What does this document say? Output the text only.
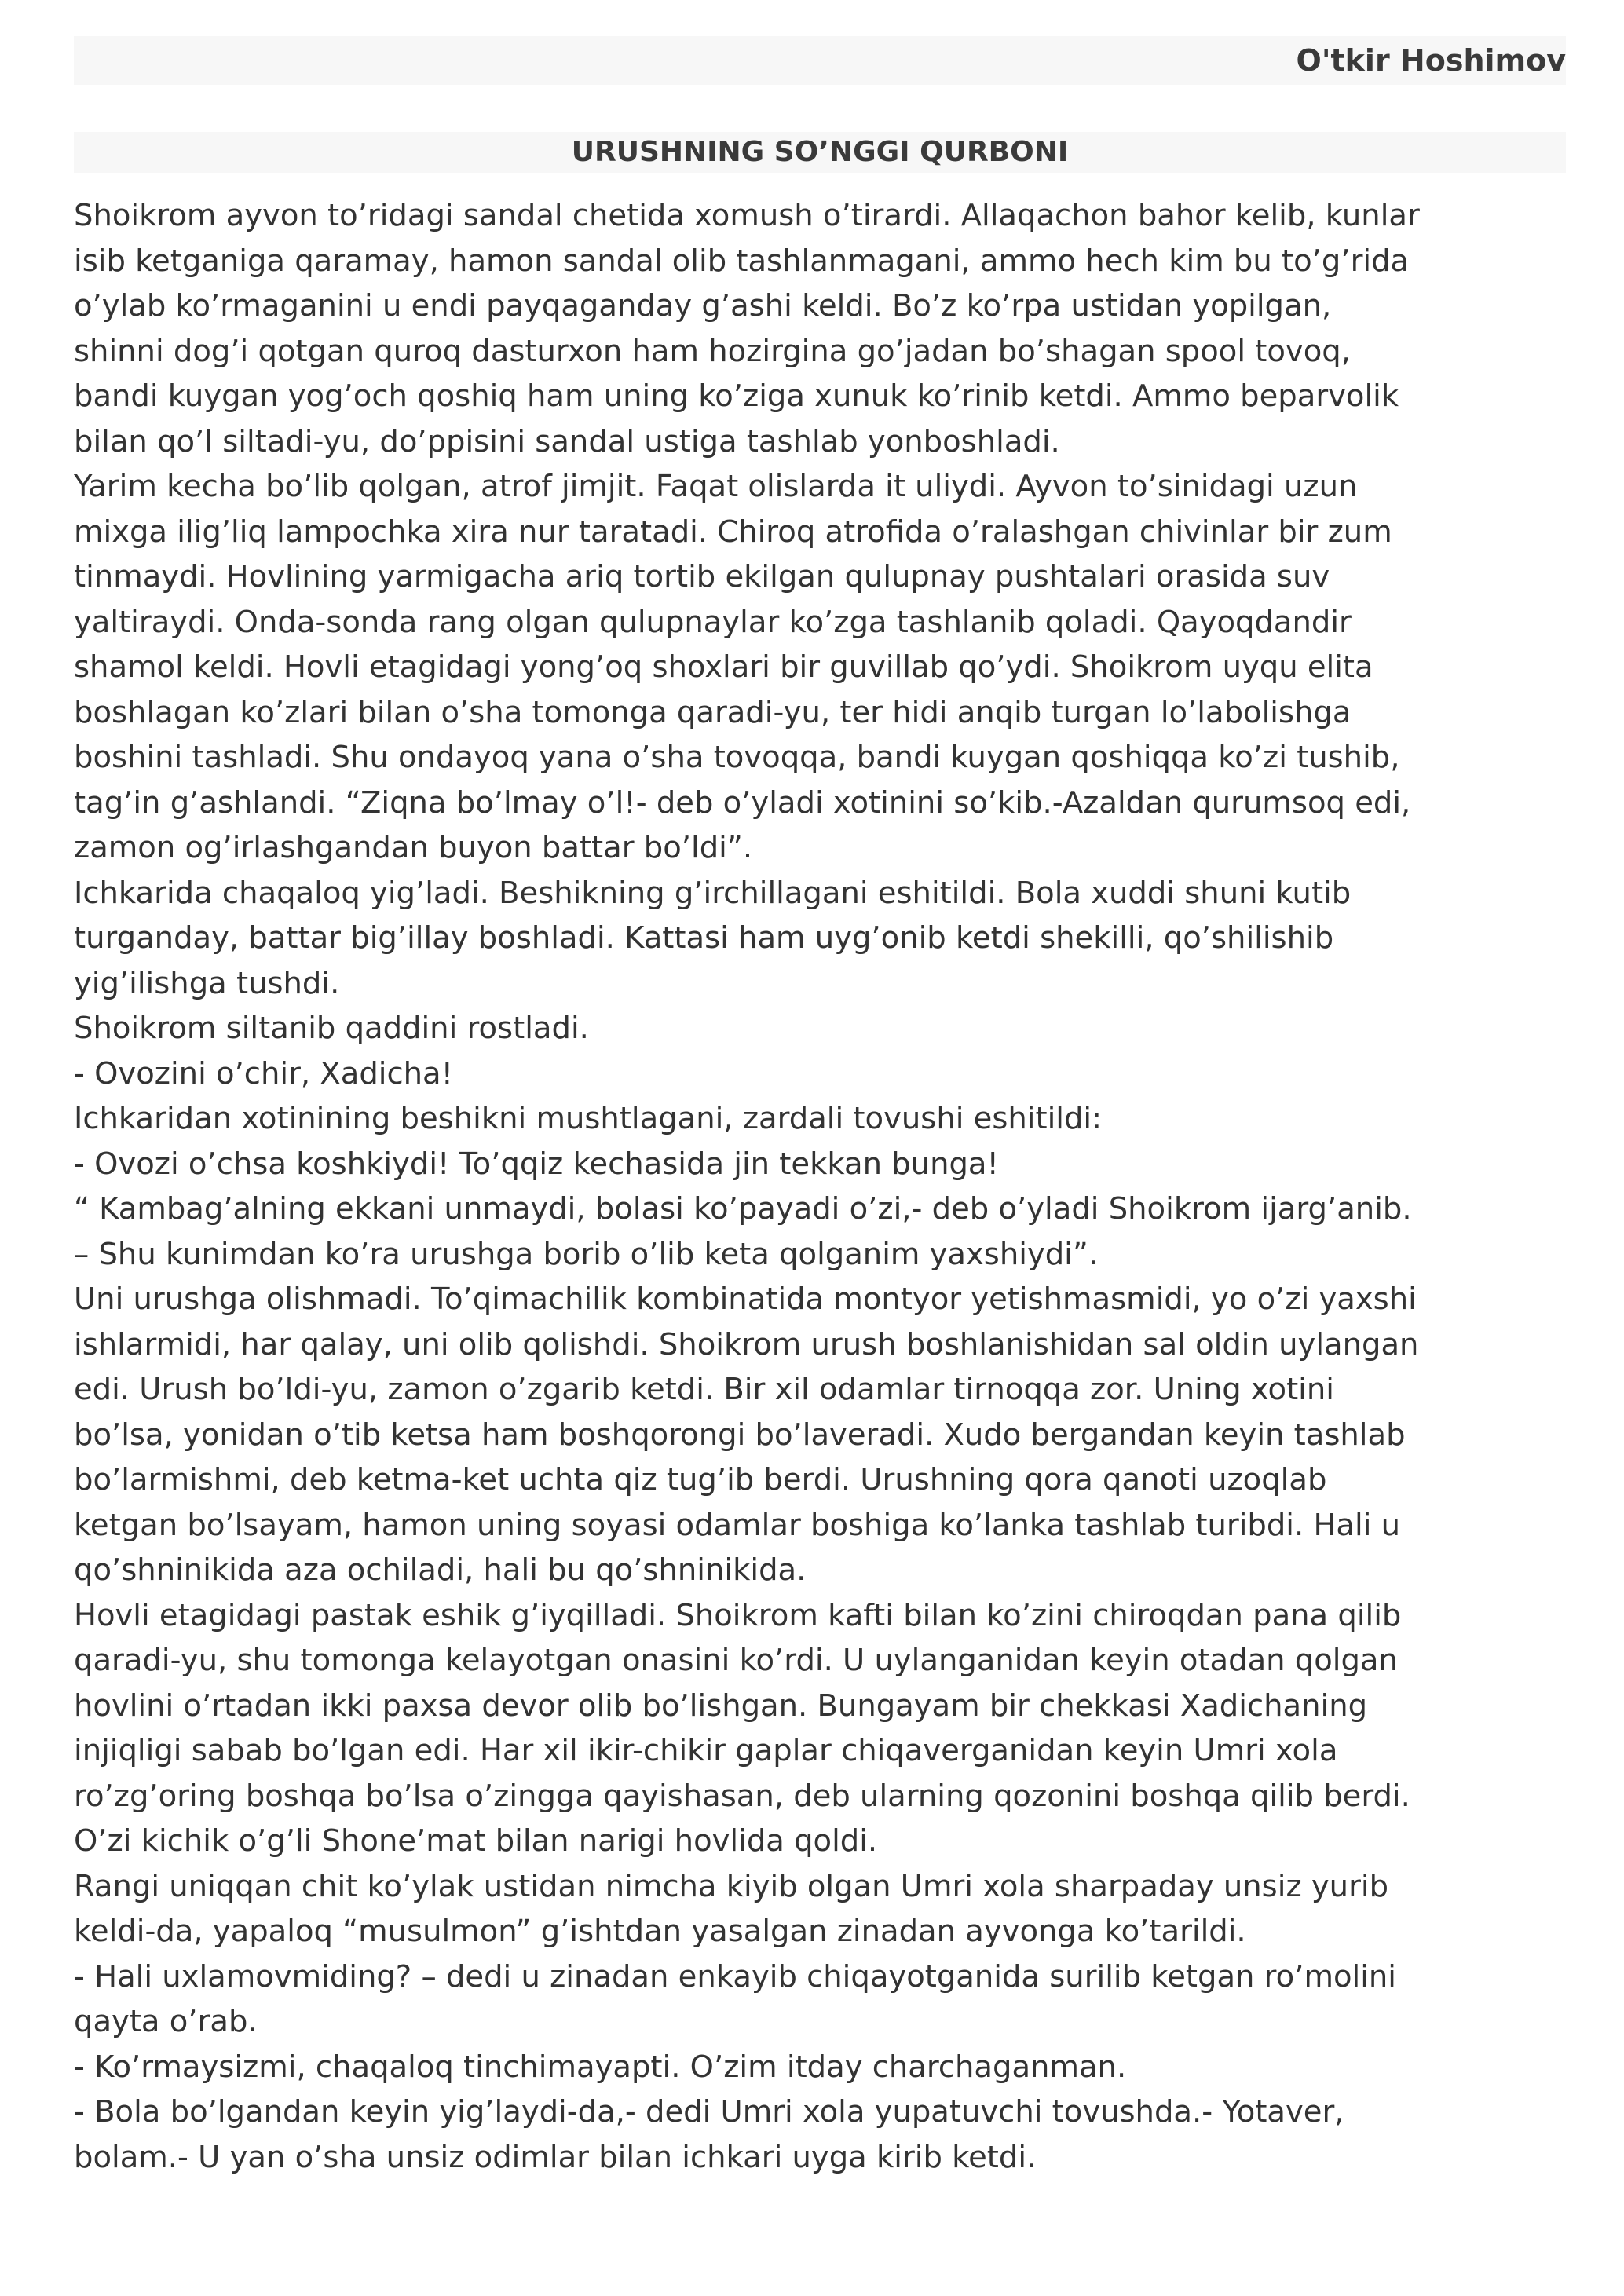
O'tkir Hoshimov
URUSHNING SO’NGGI QURBONI

Shoikrom ayvon to’ridagi sandal chetida xomush o’tirardi. Allaqachon bahor kelib, kunlar
isib ketganiga qaramay, hamon sandal olib tashlanmagani, ammo hech kim bu to’g’rida
o’ylab ko’rmaganini u endi payqaganday g’ashi keldi. Bo’z ko’rpa ustidan yopilgan,
shinni dog’i qotgan quroq dasturxon ham hozirgina go’jadan bo’shagan spool tovoq,
bandi kuygan yog’och qoshiq ham uning ko’ziga xunuk ko’rinib ketdi. Ammo beparvolik
bilan qo’l siltadi-yu, do’ppisini sandal ustiga tashlab yonboshladi.

Yarim kecha bo’lib qolgan, atrof jimjit. Faqat olislarda it uliydi. Ayvon to’sinidagi uzun
mixga ilig’liq lampochka xira nur taratadi. Chiroq atrofida o’ralashgan chivinlar bir zum
tinmaydi. Hovlining yarmigacha ariq tortib ekilgan qulupnay pushtalari orasida suv
yaltiraydi. Onda-sonda rang olgan qulupnaylar ko’zga tashlanib qoladi. Qayoqdandir
shamol keldi. Hovli etagidagi yong’oq shoxlari bir guvillab qo’ydi. Shoikrom uyqu elita
boshlagan ko’zlari bilan o’sha tomonga qaradi-yu, ter hidi anqib turgan lo’labolishga
boshini tashladi. Shu ondayoq yana o’sha tovoqqa, bandi kuygan qoshiqqa ko’zi tushib,
tag’in g’ashlandi. “Ziqna bo’lmay o’l!- deb o’yladi xotinini so’kib.-Azaldan qurumsoq edi,
zamon og’irlashgandan buyon battar bo’ldi”.

Ichkarida chaqaloq yig’ladi. Beshikning g’irchillagani eshitildi. Bola xuddi shuni kutib
turganday, battar big’illay boshladi. Kattasi ham uyg’onib ketdi shekilli, qo’shilishib
yig’ilishga tushdi.

Shoikrom siltanib qaddini rostladi.

- Ovozini o’chir, Xadicha!

Ichkaridan xotinining beshikni mushtlagani, zardali tovushi eshitildi:

- Ovozi o’chsa koshkiydi! To’qqiz kechasida jin tekkan bunga!

“ Kambag’alning ekkani unmaydi, bolasi ko’payadi o’zi,- deb o’yladi Shoikrom ijarg’anib.
– Shu kunimdan ko’ra urushga borib o’lib keta qolganim yaxshiydi”.

Uni urushga olishmadi. To’qimachilik kombinatida montyor yetishmasmidi, yo o’zi yaxshi
ishlarmidi, har qalay, uni olib qolishdi. Shoikrom urush boshlanishidan sal oldin uylangan
edi. Urush bo’ldi-yu, zamon o’zgarib ketdi. Bir xil odamlar tirnoqqa zor. Uning xotini
bo’lsa, yonidan o’tib ketsa ham boshqorongi bo’laveradi. Xudo bergandan keyin tashlab
bo’larmishmi, deb ketma-ket uchta qiz tug’ib berdi. Urushning qora qanoti uzoqlab
ketgan bo’lsayam, hamon uning soyasi odamlar boshiga ko’lanka tashlab turibdi. Hali u
qo’shninikida aza ochiladi, hali bu qo’shninikida.

Hovli etagidagi pastak eshik g’iyqilladi. Shoikrom kafti bilan ko’zini chiroqdan pana qilib
qaradi-yu, shu tomonga kelayotgan onasini ko’rdi. U uylanganidan keyin otadan qolgan
hovlini o’rtadan ikki paxsa devor olib bo’lishgan. Bungayam bir chekkasi Xadichaning
injiqligi sabab bo’lgan edi. Har xil ikir-chikir gaplar chiqaverganidan keyin Umri xola
ro’zg’oring boshqa bo’lsa o’zingga qayishasan, deb ularning qozonini boshqa qilib berdi.
O’zi kichik o’g’li Shone’mat bilan narigi hovlida qoldi.

Rangi uniqqan chit ko’ylak ustidan nimcha kiyib olgan Umri xola sharpaday unsiz yurib
keldi-da, yapaloq “musulmon” g’ishtdan yasalgan zinadan ayvonga ko’tarildi.

- Hali uxlamovmiding? – dedi u zinadan enkayib chiqayotganida surilib ketgan ro’molini
qayta o’rab.

- Ko’rmaysizmi, chaqaloq tinchimayapti. O’zim itday charchaganman.

- Bola bo’lgandan keyin yig’laydi-da,- dedi Umri xola yupatuvchi tovushda.- Yotaver,
bolam.- U yan o’sha unsiz odimlar bilan ichkari uyga kirib ketdi.
